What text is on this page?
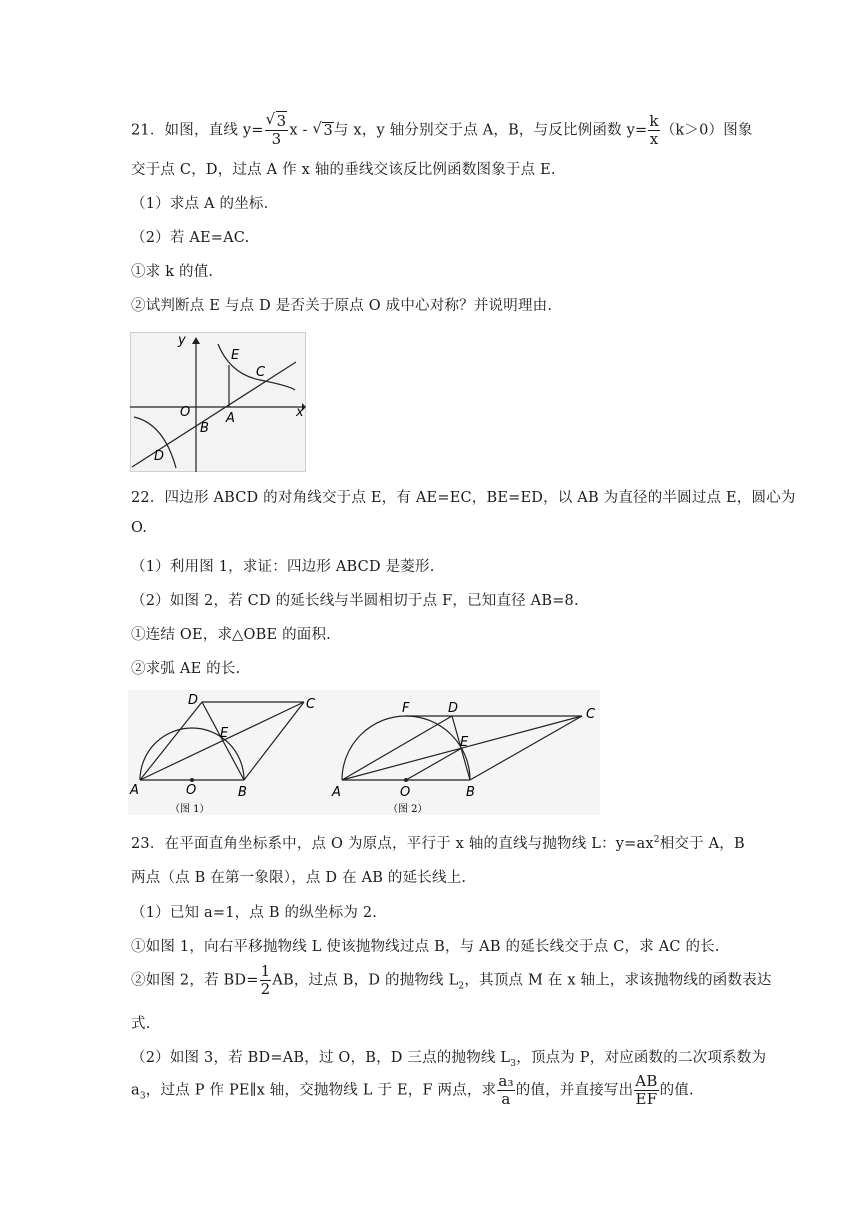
21．如图，直线 y=
√ $\frac{3}{3}$ x - √ 3与 x，y 轴分别交于点 A，B，与反比例函数 $y= \frac{k}{x} (k>0)$图象
交于点 C，D，过点 A 作 x 轴的垂线交该反比例函数图象于点 E.
（1）求点 A 的坐标.
（2）若 AE=AC.
①求 k 的值.
②试判断点 E 与点 D 是否关于原点 O 成中心对称？并说明理由.
y
x
O	A
B
C
D
E
22．四边形 ABCD 的对角线交于点 E，有 AE=EC，BE=ED，以 AB 为直径的半圆过点 E，圆心为
O.
（1）利用图 1，求证：四边形 ABCD 是菱形.
（2）如图 2，若 CD 的延长线与半圆相切于点 F，已知直径 AB=8.
①连结 OE，求△OBE 的面积.
②求弧 AE 的长.
A	B
C
D
E
O
（图 1）
A	B
C
D
E
F
O
（图 2）
23．在平面直角坐标系中，点 O 为原点，平行于 x 轴的直线与抛物线 L：$y=ax^2$相交于 A，B
两点（点 B 在第一象限），点 D 在 AB 的延长线上.
（1）已知 a=1，点 B 的纵坐标为 2.
①如图 1，向右平移抛物线 L 使该抛物线过点 B，与 AB 的延长线交于点 C，求 AC 的长.
②如图 2，若 $BD= \frac{1}{2}$ AB，过点 B，D 的抛物线 $L_2$，其顶点 M 在 x 轴上，求该抛物线的函数表达
式.
（2）如图 3，若 BD=AB，过 O，B，D 三点的抛物线 $L_3$，顶点为 P，对应函数的二次项系数为
$a_3$，过点 P 作 PE∥x 轴，交抛物线 L 于 E，F 两点，求 $\frac{\text{a₃}}{a}$ 的值，并直接写出 $\frac{AB}{EF}$ 的值.
